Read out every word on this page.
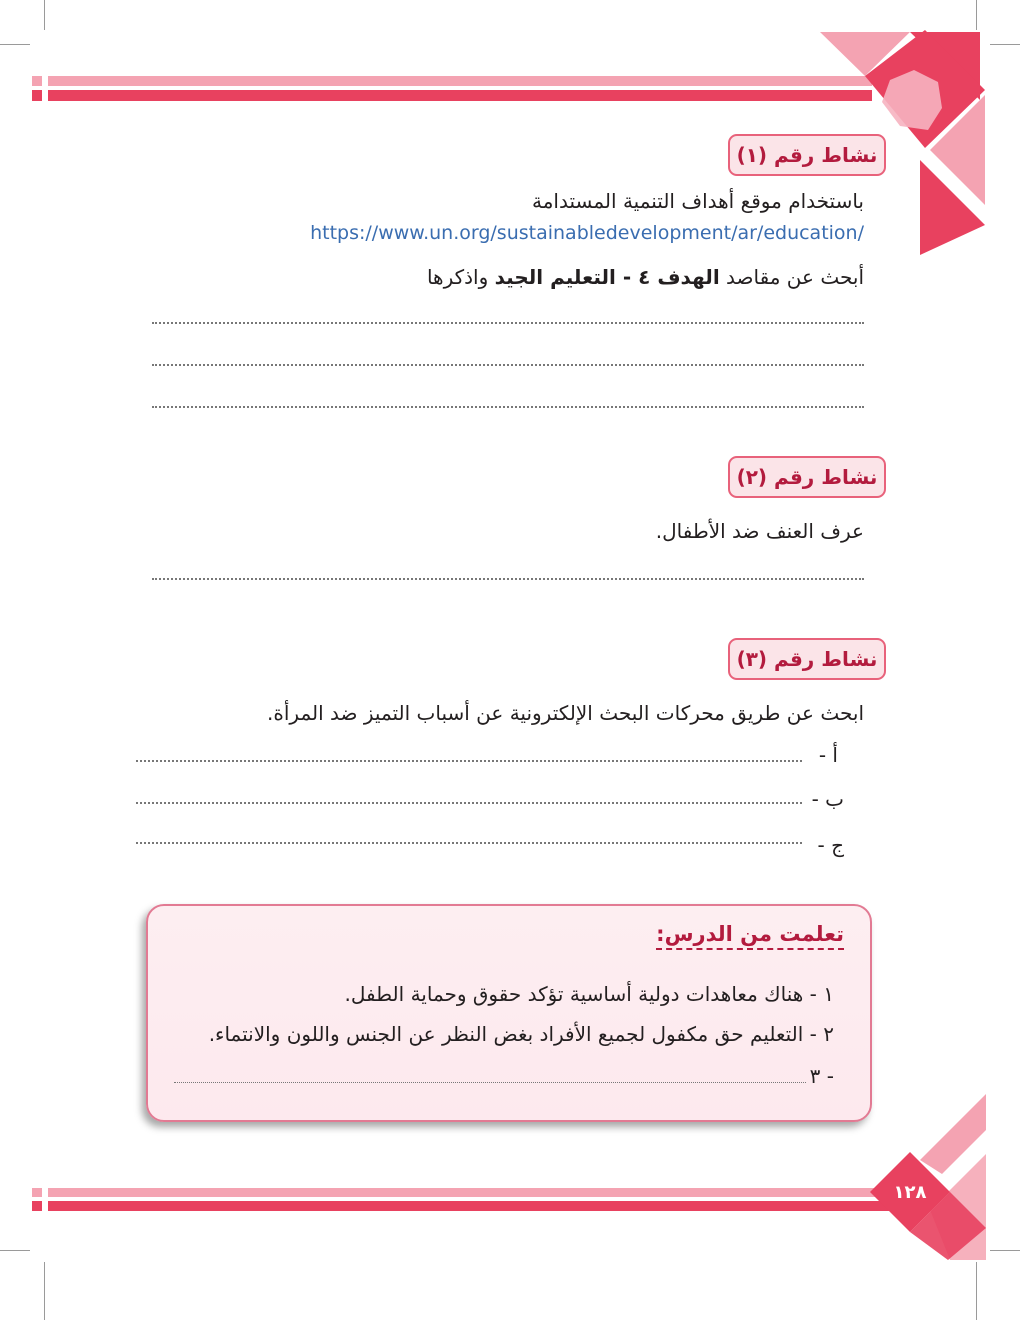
نشاط رقم (١)
باستخدام موقع أهداف التنمية المستدامة
https://www.un.org/sustainabledevelopment/ar/education/
أبحث عن مقاصد الهدف ٤ - التعليم الجيد واذكرها
نشاط رقم (٢)
عرف العنف ضد الأطفال.
نشاط رقم (٣)
ابحث عن طريق محركات البحث الإلكترونية عن أسباب التميز ضد المرأة.
أ -
ب -
ج -
تعلمت من الدرس:
١ - هناك معاهدات دولية أساسية تؤكد حقوق وحماية الطفل.
٢ - التعليم حق مكفول لجميع الأفراد بغض النظر عن الجنس واللون والانتماء.
٣ -
١٢٨
